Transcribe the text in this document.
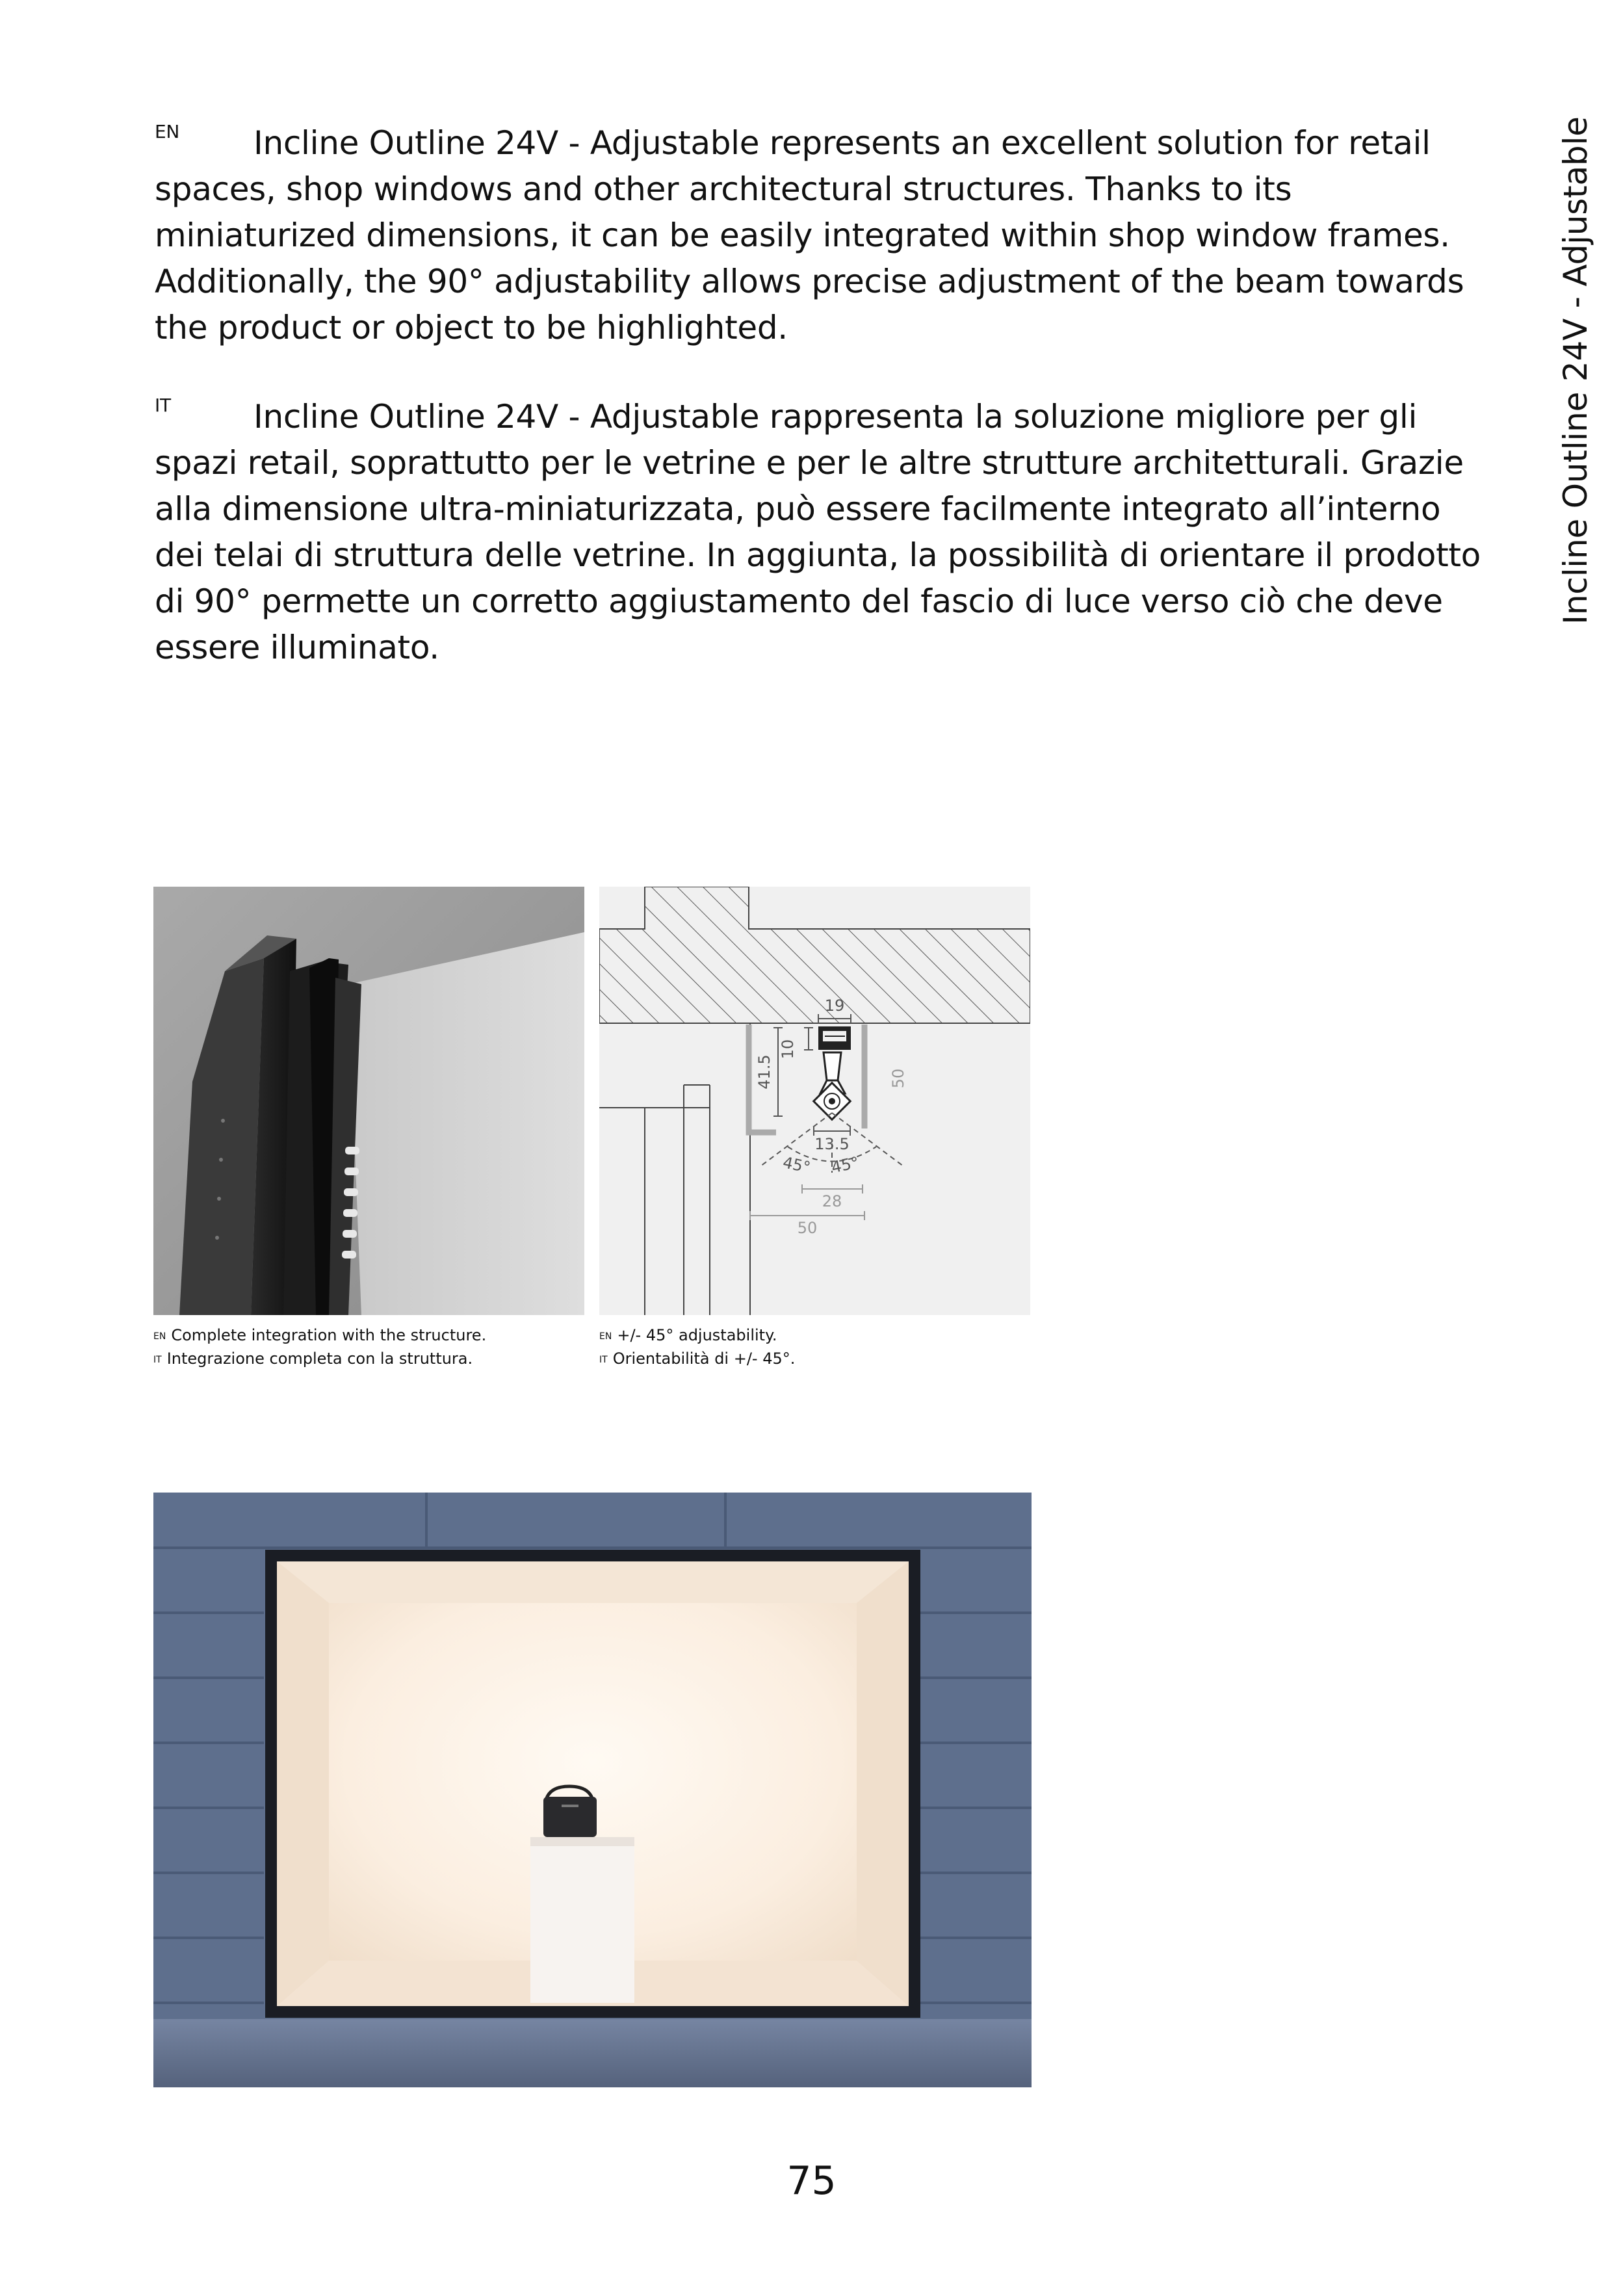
Incline Outline 24V - Adjustable

EN Incline Outline 24V - Adjustable represents an excellent solution for retail spaces, shop windows and other architectural structures. Thanks to its miniaturized dimensions, it can be easily integrated within shop window frames. Additionally, the 90° adjustability allows precise adjustment of the beam towards the product or object to be highlighted.

IT	Incline Outline 24V - Adjustable rappresenta la soluzione migliore per gli spazi retail, soprattutto per le vetrine e per le altre strutture architetturali. Grazie alla dimensione ultra-miniaturizzata, può essere facilmente integrato all’interno dei telai di struttura delle vetrine. In aggiunta, la possibilità di orientare il prodotto di 90° permette un corretto aggiustamento del fascio di luce verso ciò che deve essere illuminato.

$^{EN}$ Complete integration with the structure.
$^{IT}$ Integrazione completa con la struttura.
19
10
41.5
13.5
45° 45°
50
28
50
$^{EN}$ +/- 45° adjustability.
$^{IT}$ Orientabilità di +/- 45°.
75
